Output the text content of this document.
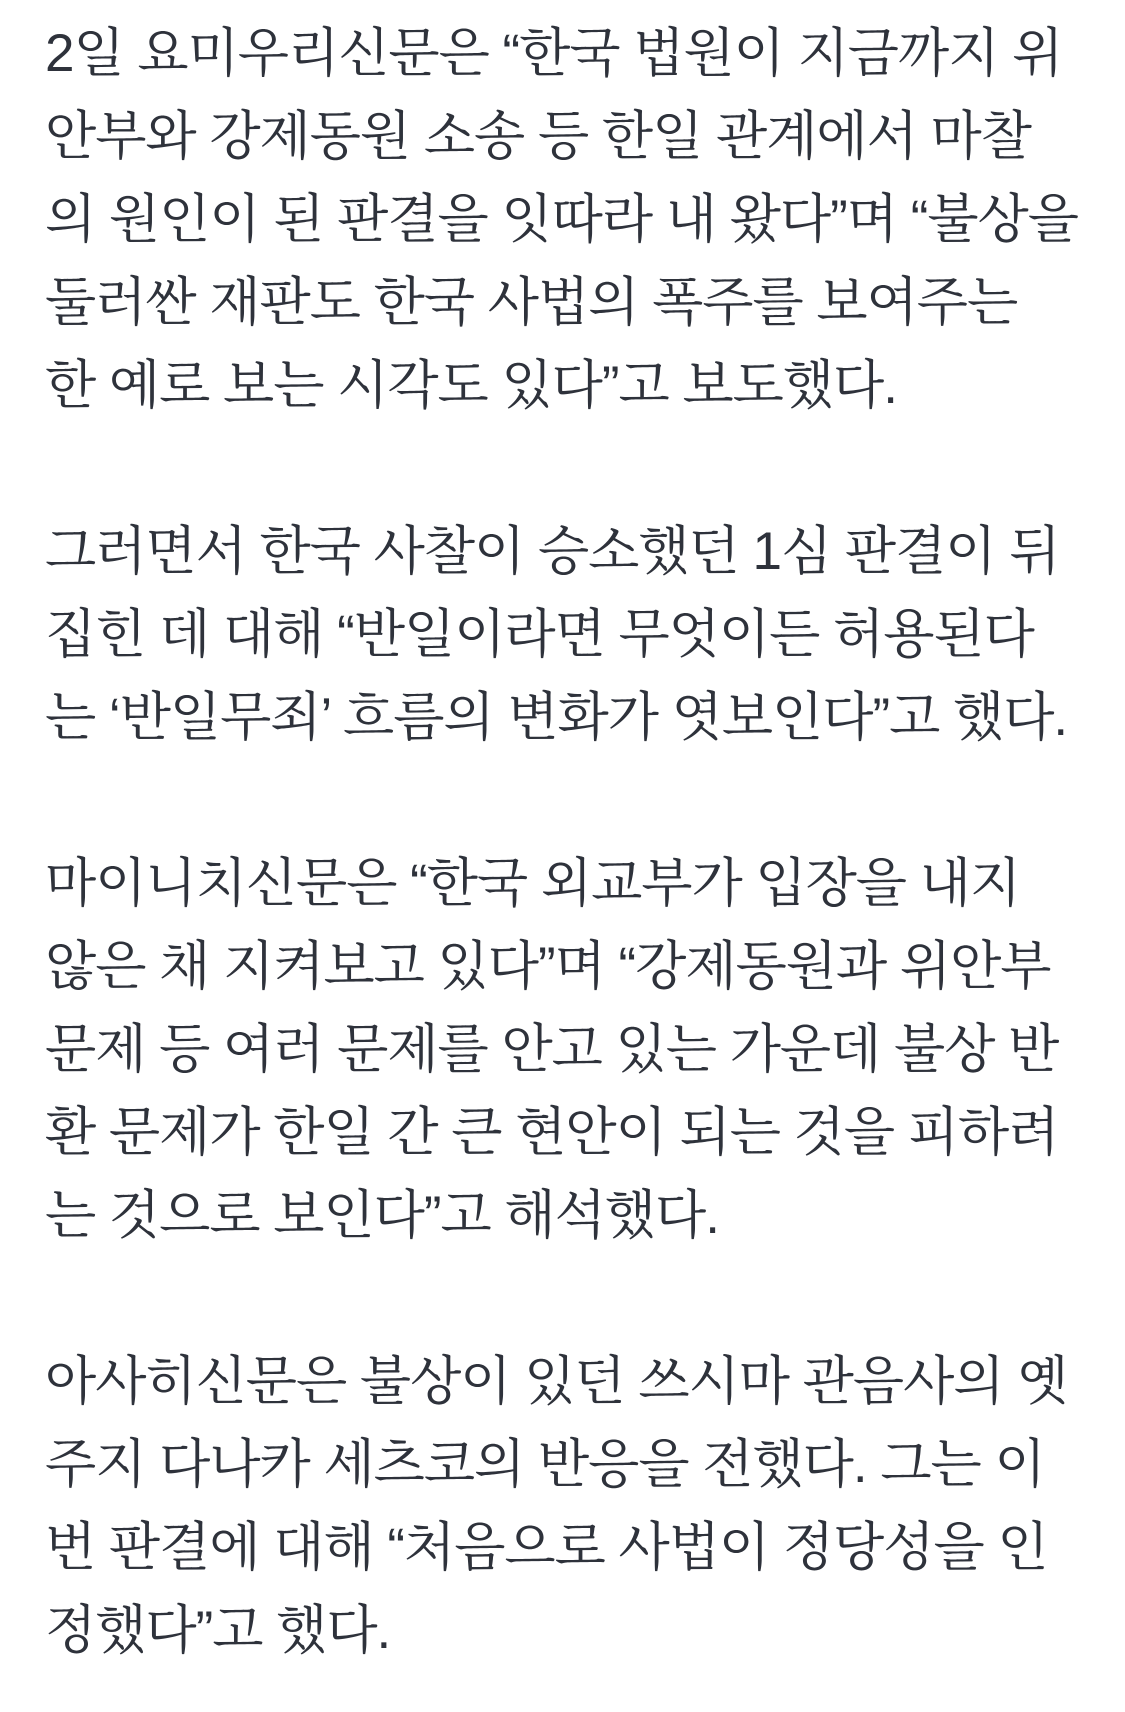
2일 요미우리신문은 “한국 법원이 지금까지 위안부와 강제동원 소송 등 한일 관계에서 마찰의 원인이 된 판결을 잇따라 내 왔다”며 “불상을 둘러싼 재판도 한국 사법의 폭주를 보여주는 한 예로 보는 시각도 있다”고 보도했다.

그러면서 한국 사찰이 승소했던 1심 판결이 뒤집힌 데 대해 “반일이라면 무엇이든 허용된다는 ‘반일무죄’ 흐름의 변화가 엿보인다”고 했다.

마이니치신문은 “한국 외교부가 입장을 내지 않은 채 지켜보고 있다”며 “강제동원과 위안부 문제 등 여러 문제를 안고 있는 가운데 불상 반환 문제가 한일 간 큰 현안이 되는 것을 피하려는 것으로 보인다”고 해석했다.

아사히신문은 불상이 있던 쓰시마 관음사의 옛 주지 다나카 세츠코의 반응을 전했다. 그는 이번 판결에 대해 “처음으로 사법이 정당성을 인정했다”고 했다.
